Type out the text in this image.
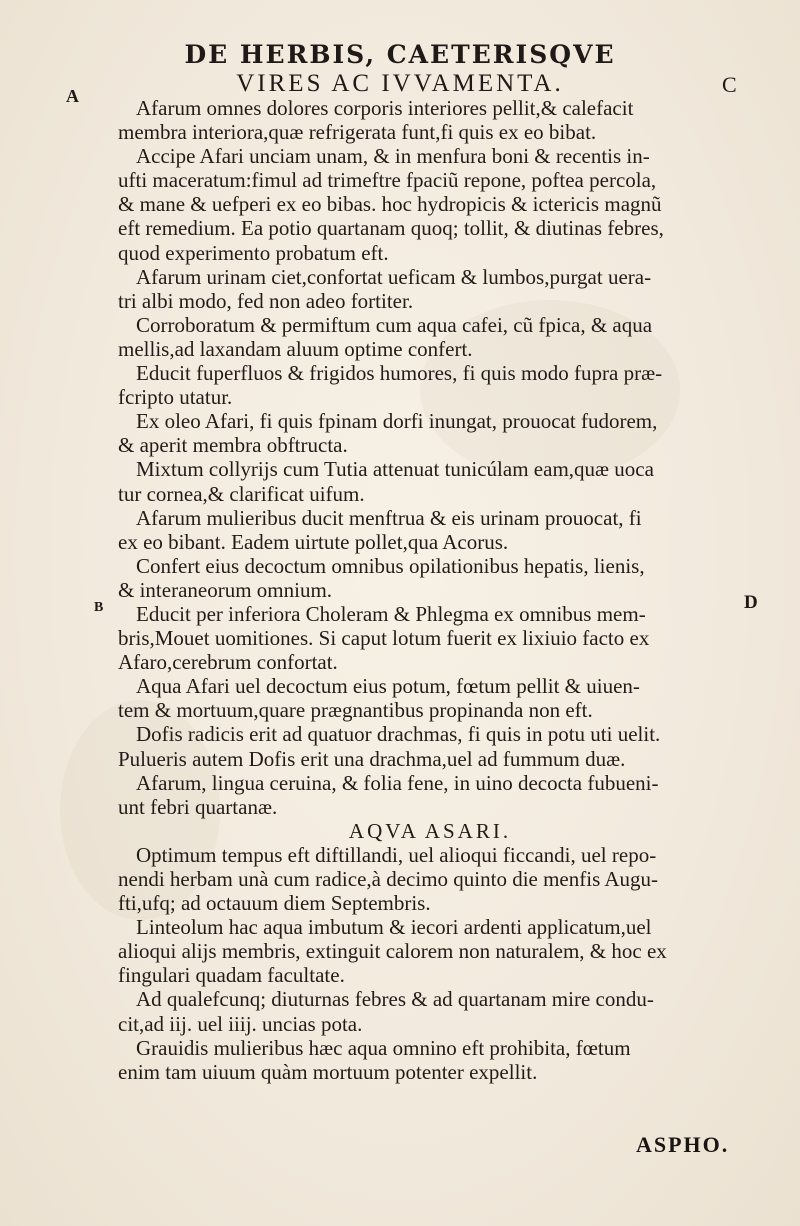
DE HERBIS, CAETERISQVE
VIRES AC IVVAMENTA.
A	C
B	D
Afarum omnes dolores corporis interiores pellit,& calefacit
membra interiora,quæ refrigerata funt,fi quis ex eo bibat.
Accipe Afari unciam unam, & in menfura boni & recentis in-
ufti maceratum:fimul ad trimeftre fpaciũ repone, poftea percola,
& mane & uefperi ex eo bibas. hoc hydropicis & ictericis magnũ
eft remedium. Ea potio quartanam quoq; tollit, & diutinas febres,
quod experimento probatum eft.
Afarum urinam ciet,confortat ueficam & lumbos,purgat uera-
tri albi modo, fed non adeo fortiter.
Corroboratum & permiftum cum aqua cafei, cũ fpica, & aqua
mellis,ad laxandam aluum optime confert.
Educit fuperfluos & frigidos humores, fi quis modo fupra præ-
fcripto utatur.
Ex oleo Afari, fi quis fpinam dorfi inungat, prouocat fudorem,
& aperit membra obftructa.
Mixtum collyrijs cum Tutia attenuat tunicúlam eam,quæ uoca
tur cornea,& clarificat uifum.
Afarum mulieribus ducit menftrua & eis urinam prouocat, fi
ex eo bibant. Eadem uirtute pollet,qua Acorus.
Confert eius decoctum omnibus opilationibus hepatis, lienis,
& interaneorum omnium.
Educit per inferiora Choleram & Phlegma ex omnibus mem-
bris,Mouet uomitiones. Si caput lotum fuerit ex lixiuio facto ex
Afaro,cerebrum confortat.
Aqua Afari uel decoctum eius potum, fœtum pellit & uiuen-
tem & mortuum,quare prægnantibus propinanda non eft.
Dofis radicis erit ad quatuor drachmas, fi quis in potu uti uelit.
Pulueris autem Dofis erit una drachma,uel ad fummum duæ.
Afarum, lingua ceruina, & folia fene, in uino decocta fubueni-
unt febri quartanæ.
AQVA ASARI.
Optimum tempus eft diftillandi, uel alioqui ficcandi, uel repo-
nendi herbam unà cum radice,à decimo quinto die menfis Augu-
fti,ufq; ad octauum diem Septembris.
Linteolum hac aqua imbutum & iecori ardenti applicatum,uel
alioqui alijs membris, extinguit calorem non naturalem, & hoc ex
fingulari quadam facultate.
Ad qualefcunq; diuturnas febres & ad quartanam mire condu-
cit,ad iij. uel iiij. uncias pota.
Grauidis mulieribus hæc aqua omnino eft prohibita, fœtum
enim tam uiuum quàm mortuum potenter expellit.
ASPHO.
